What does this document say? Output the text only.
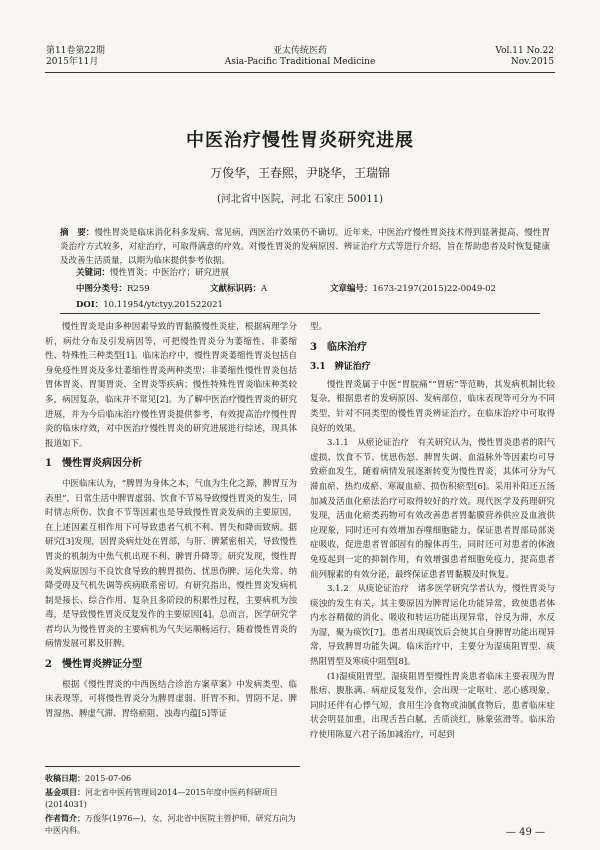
第11卷第22期
2015年11月
亚太传统医药
Asia-Pacific Traditional Medicine
Vol.11 No.22
Nov.2015
中医治疗慢性胃炎研究进展
万俊华，王春熙，尹晓华，王瑞锦
(河北省中医院，河北 石家庄 50011)
摘　要：慢性胃炎是临床消化科多发病、常见病，西医治疗效果仍不确切。近年来，中医治疗慢性胃炎技术得到显著提高，慢性胃炎治疗方式较多，对症治疗，可取得满意的疗效。对慢性胃炎的发病原因、辨证治疗方式等进行介绍，旨在帮助患者及时恢复健康及改善生活质量，以期为临床提供参考依据。
关键词：慢性胃炎；中医治疗；研究进展
中图分类号：R259	文献标识码：A	文章编号：1673-2197(2015)22-0049-02
DOI：10.11954/ytctyy.201522021

慢性胃炎是由多种因素导致的胃黏膜慢性炎症，根据病理学分析，病灶分布及引发病因等，可把慢性胃炎分为萎缩性、非萎缩性、特殊性三种类型[1]。临床治疗中，慢性胃炎萎缩性胃炎包括自身免疫性胃炎及多灶萎缩性胃炎两种类型；非萎缩性慢性胃炎包括胃体胃炎、胃窦胃炎、全胃炎等疾病；慢性特殊性胃炎临床种类较多，病因复杂，临床并不常见[2]。为了解中医治疗慢性胃炎的研究进展，并为今后临床治疗慢性胃炎提供参考，有效提高治疗慢性胃炎的临床疗效，对中医治疗慢性胃炎的研究进展进行综述，现具体报道如下。

1　慢性胃炎病因分析

中医临床认为，“脾胃为身体之本，气血为生化之源，脾胃互为表里”，日常生活中脾胃虚弱、饮食不节易导致慢性胃炎的发生，同时情志所伤、饮食不节等因素也是导致慢性胃炎发病的主要原因，在上述因素互相作用下可导致患者气机不利、胃失和降而致病。据研究[3]发现，因胃炎病灶处在胃部，与肝、脾紧密相关，导致慢性胃炎的机制为中焦气机出现不利、脾胃升降等。研究发现，慢性胃炎发病原因与不良饮食导致的脾胃损伤、忧思伤脾、运化失常、纳降受碍及气机失调等疾病联系密切。有研究指出，慢性胃炎发病机制是接长、综合作用、复杂且多阶段的积累性过程，主要病机为浊毒，是导致慢性胃炎反复发作的主要原因[4]。总而言，医学研究学者均认为慢性胃炎的主要病机为气失运顺畅运行，随着慢性胃炎的病情发展可累及肝脾。

2　慢性胃炎辨证分型

根据《慢性胃炎的中西医结合诊治方案草案》中发病类型、临床表现等，可将慢性胃炎分为脾胃虚弱、肝胃不和、胃阴不足、脾胃湿热、脾虚气滞、胃络瘀阻、浊毒内蕴[5]等证

型。

3　临床治疗
3.1　辨证治疗

慢性胃炎属于中医“胃脘痛”“胃痞”等范畴，其发病机制比较复杂，根据患者的发病原因、发病部位，临床表现等可分为不同类型，针对不同类型的慢性胃炎辨证治疗，在临床治疗中可取得良好的效果。

3.1.1　从瘀论证治疗　有关研究认为，慢性胃炎患者的阳气虚损、饮食不节、忧思伤怒、脾胃失调、血溢脉外等因素均可导致瘀血发生，随着病情发展逐渐转变为慢性胃炎，其体可分为气滞血瘀、热灼成瘀、寒凝血瘀、损伤积瘀型[6]。采用补阳还五汤加减及活血化瘀法治疗可取得较好的疗效。现代医学及药理研究发现，活血化瘀类药物可有效改善患者胃黏膜营养供应及血液供应现象，同时还可有效增加吞噬细胞能力，保证患者胃部局部炎症吸收，促进患者胃部固有的腺体再生，同时还可对患者的体液免疫起到一定的抑制作用，有效增强患者细胞免疫力，提高患者前列腺素的有效分泌，最终保证患者胃黏膜及时恢复。

3.1.2　从痰论证治疗　诸多医学研究学者认为，慢性胃炎与痰浊的发生有关，其主要原因为脾胃运化功能异常，致使患者体内水谷精微的消化、吸收和转运功能出现异常，谷反为滞，水反为湿，聚为痰饮[7]。患者出现痰饮后会使其自身脾胃功能出现异常，导致脾胃功能失调。临床治疗中，主要分为湿痰阻胃型、痰热阻胃型及寒痰中阻型[8]。

(1)湿痰阻胃型。湿痰阻胃型慢性胃炎患者临床主要表现为胃胀痞、腹胀满、病症反复发作，会出现一定呕吐、恶心感现象，同时还伴有心悸气短，食用生冷食物或油腻食物后，患者临床症状会明显加重，出现舌苔白腻，舌质淡红，脉象弦滑等。临床治疗使用陈夏六君子汤加减治疗，可起到

收稿日期：2015-07-06
基金项目：河北省中医药管理局2014—2015年度中医药科研项目(2014031)
作者简介：万俊华(1976—)，女，河北省中医院主管护师，研究方向为中医内科。	— 49 —
